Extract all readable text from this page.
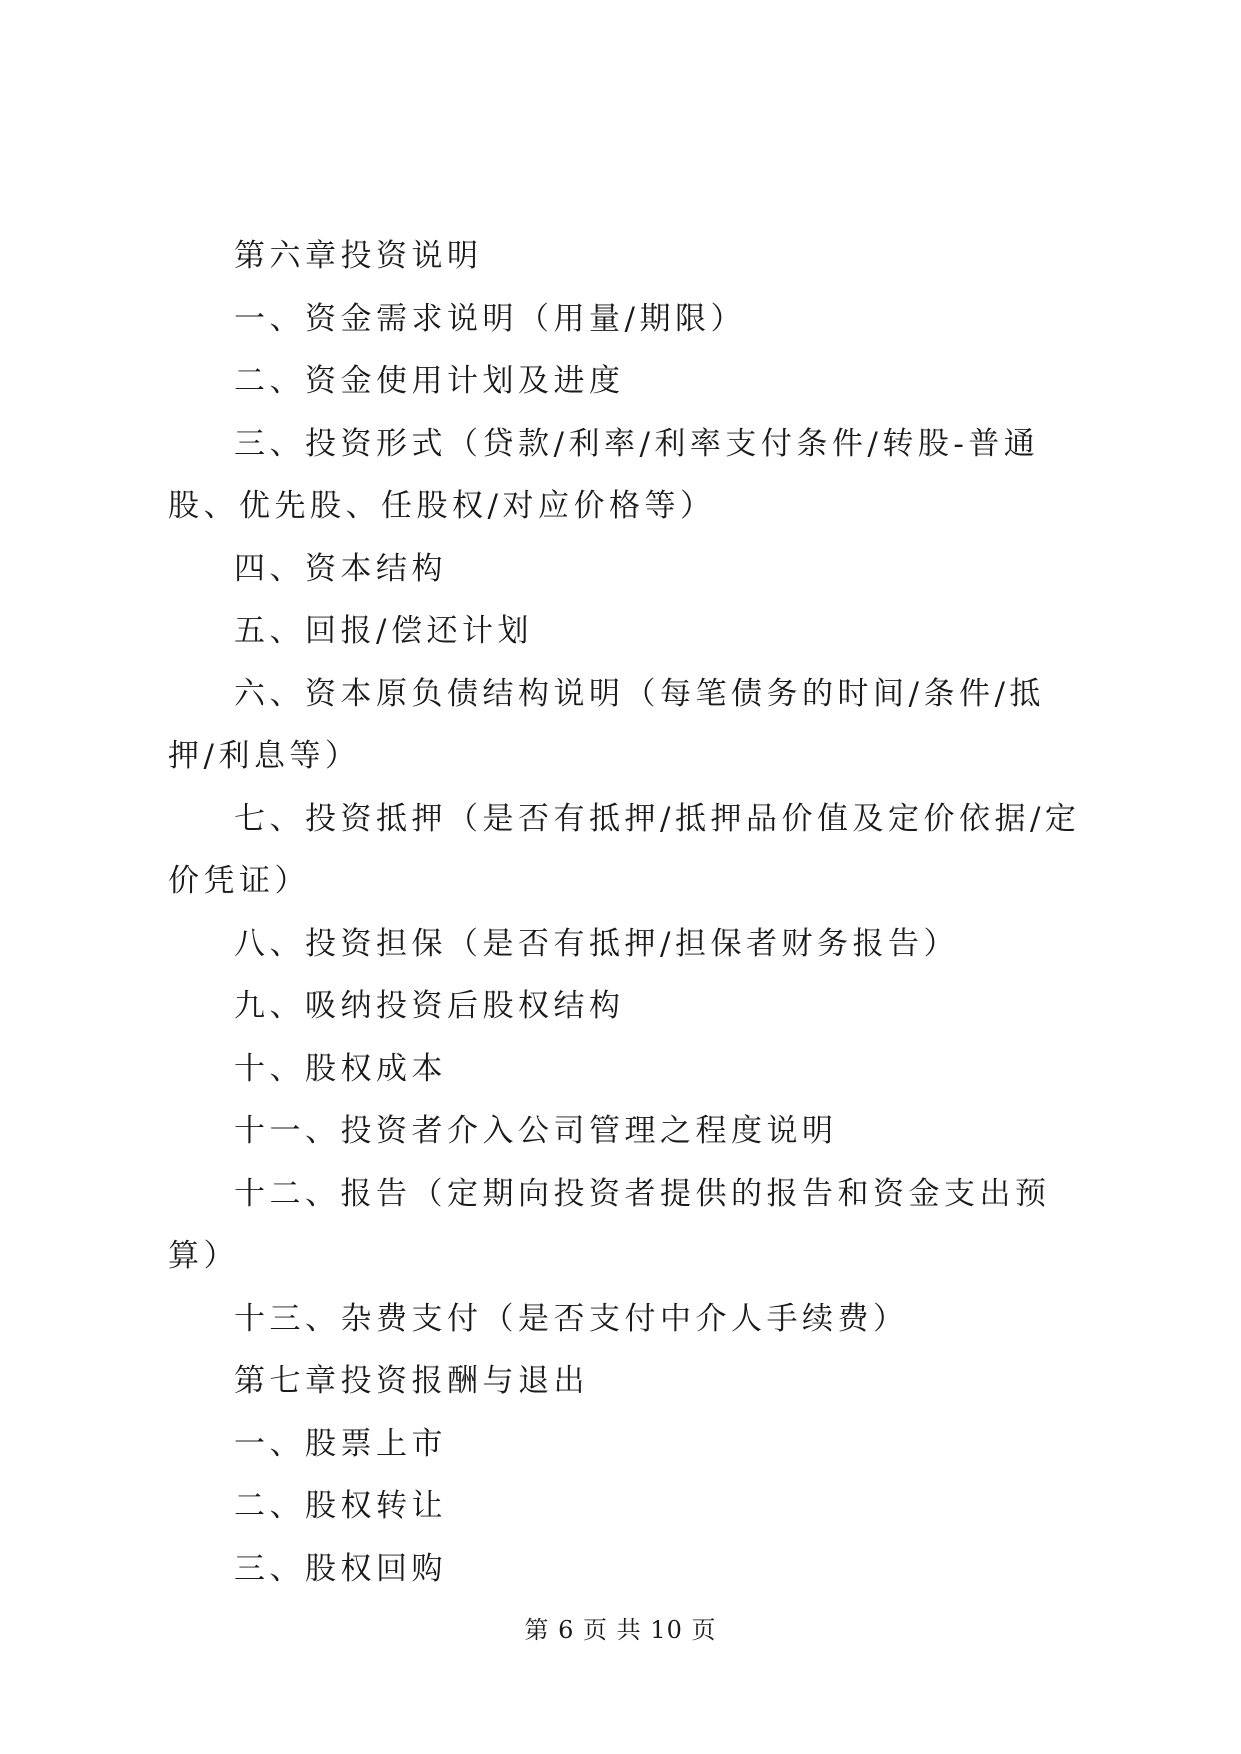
第六章投资说明

一、资金需求说明（用量/期限）

二、资金使用计划及进度

三、投资形式（贷款/利率/利率支付条件/转股-普通股、优先股、任股权/对应价格等）

四、资本结构

五、回报/偿还计划

六、资本原负债结构说明（每笔债务的时间/条件/抵押/利息等）

七、投资抵押（是否有抵押/抵押品价值及定价依据/定价凭证）

八、投资担保（是否有抵押/担保者财务报告）

九、吸纳投资后股权结构

十、股权成本

十一、投资者介入公司管理之程度说明

十二、报告（定期向投资者提供的报告和资金支出预算）

十三、杂费支付（是否支付中介人手续费）

第七章投资报酬与退出

一、股票上市

二、股权转让

三、股权回购

第 6 页 共 10 页
